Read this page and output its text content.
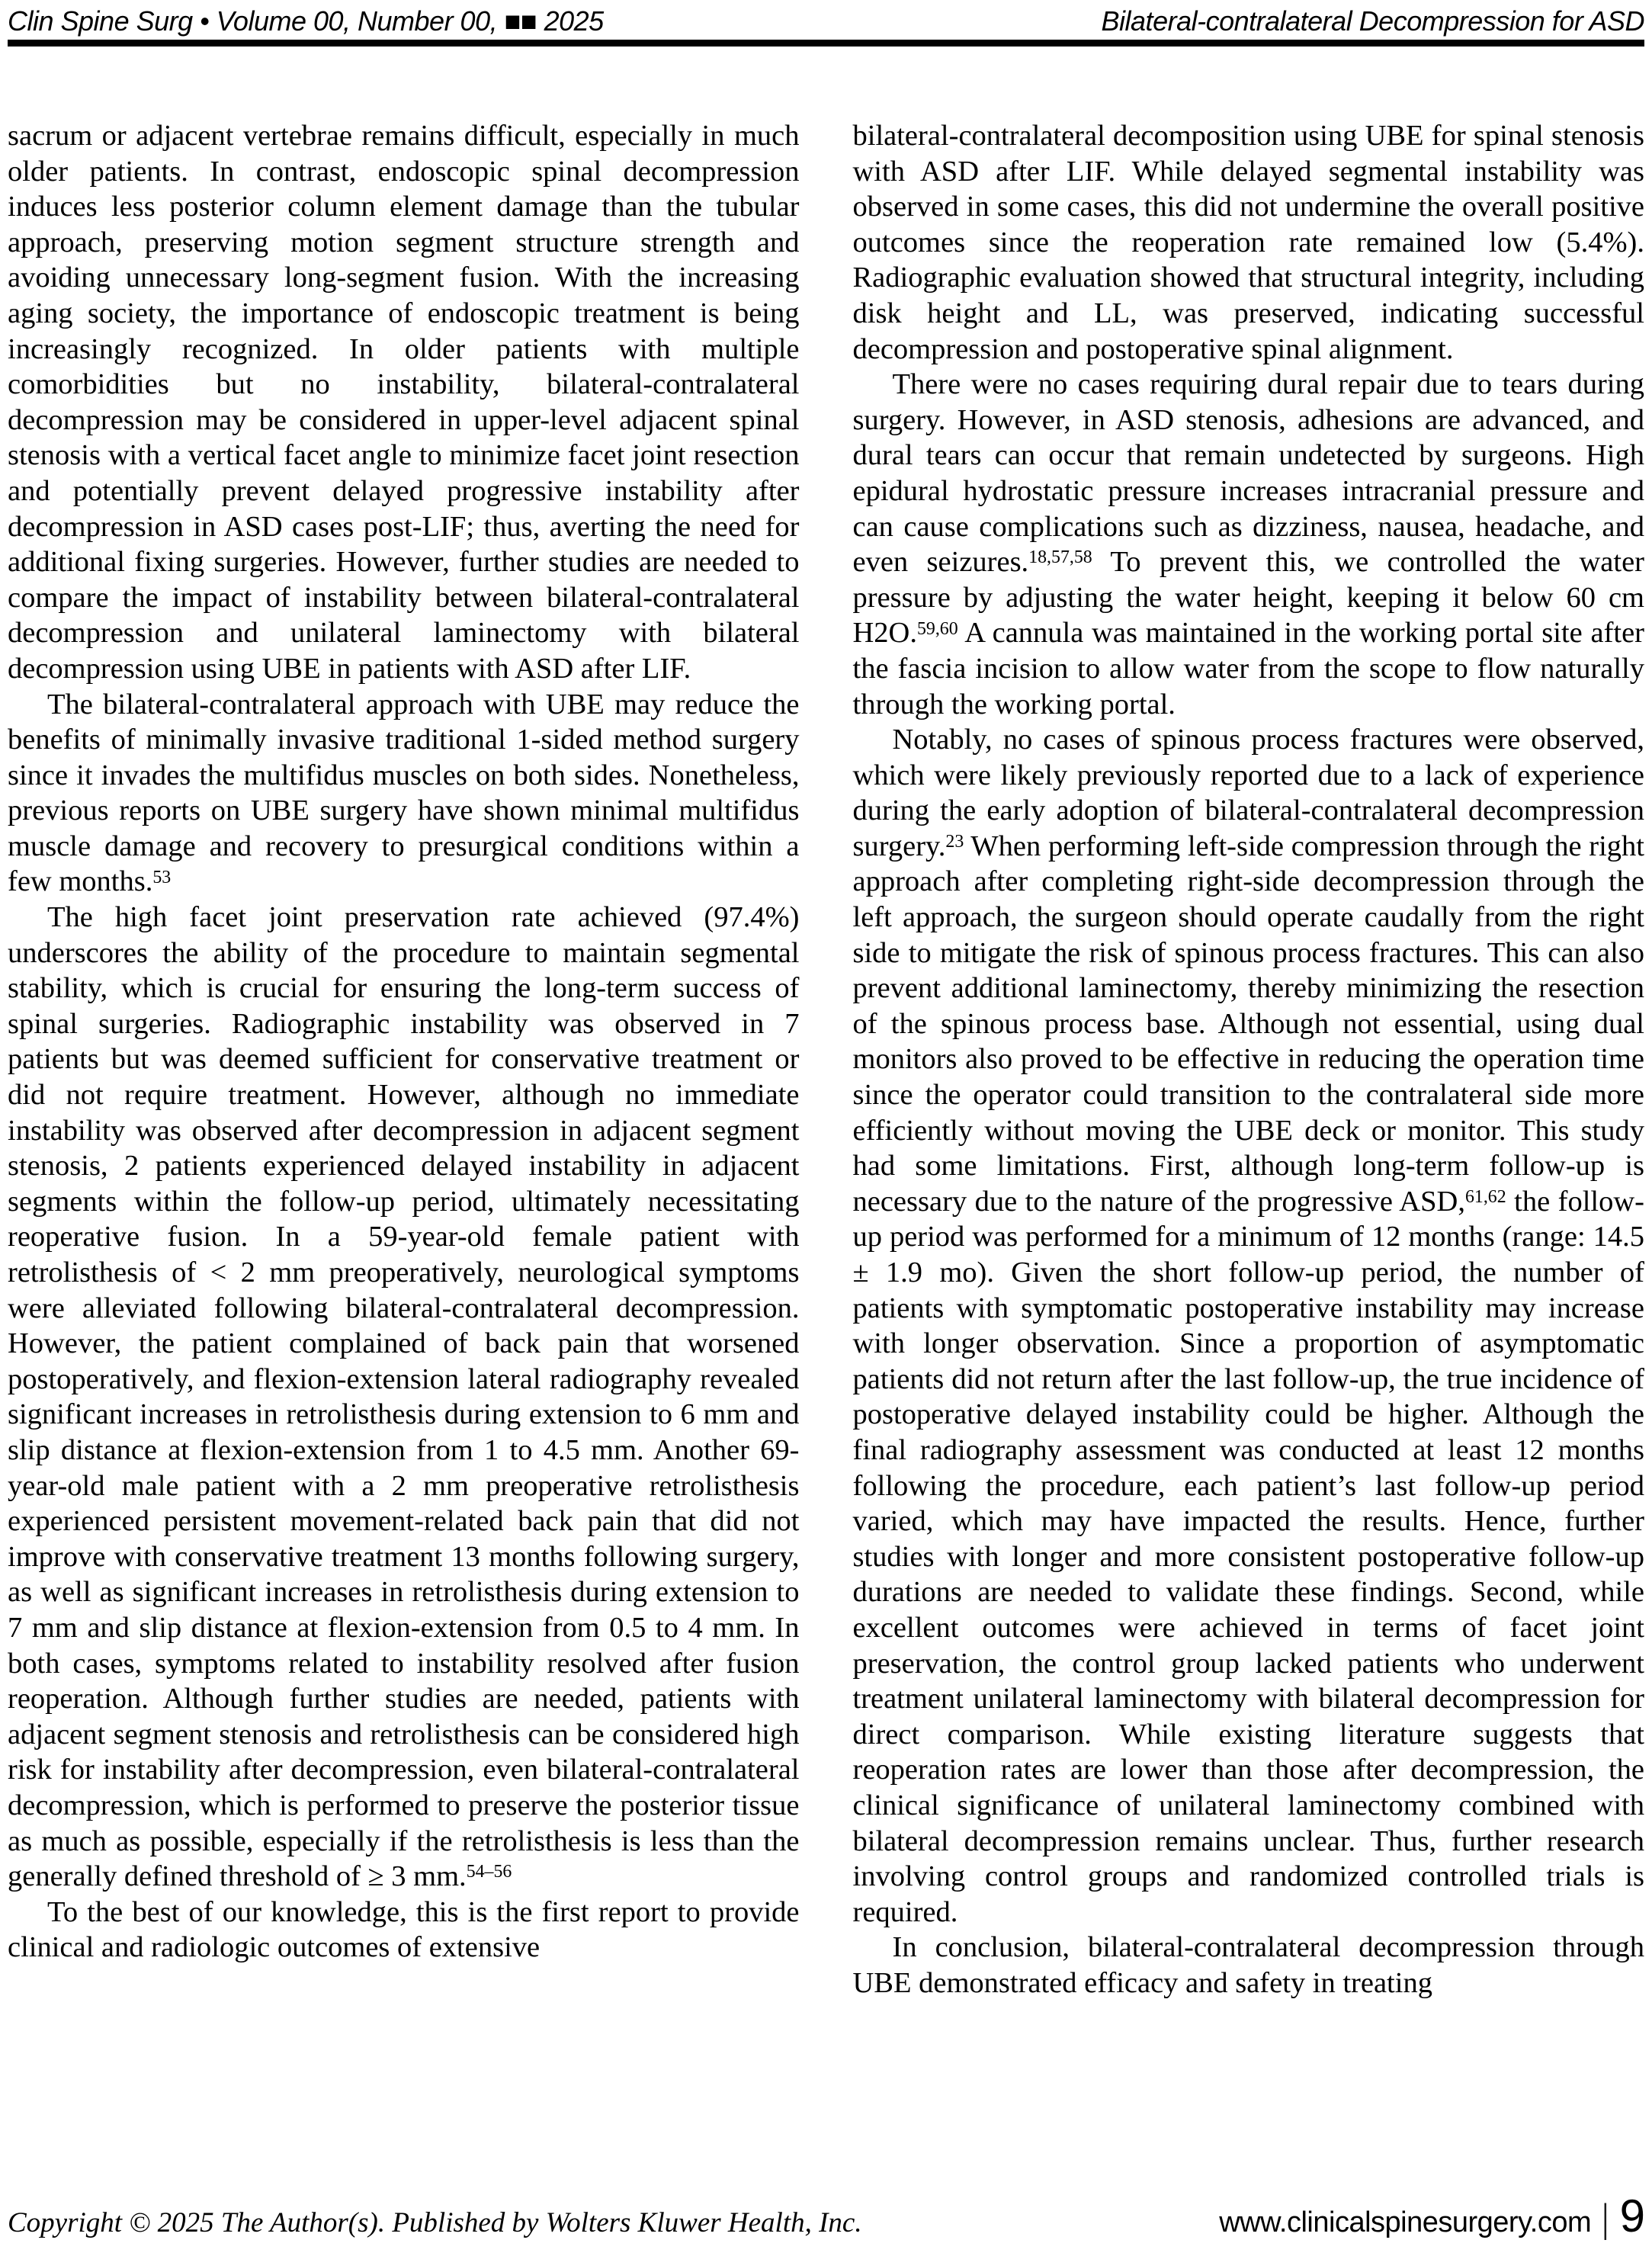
Clin Spine Surg • Volume 00, Number 00, ■■ 2025	Bilateral-contralateral Decompression for ASD

sacrum or adjacent vertebrae remains difficult, especially in much older patients. In contrast, endoscopic spinal decompression induces less posterior column element damage than the tubular approach, preserving motion segment structure strength and avoiding unnecessary long-segment fusion. With the increasing aging society, the importance of endoscopic treatment is being increasingly recognized. In older patients with multiple comorbidities but no instability, bilateral-contralateral decompression may be considered in upper-level adjacent spinal stenosis with a vertical facet angle to minimize facet joint resection and potentially prevent delayed progressive instability after decompression in ASD cases post-LIF; thus, averting the need for additional fixing surgeries. However, further studies are needed to compare the impact of instability between bilateral-contralateral decompression and unilateral laminectomy with bilateral decompression using UBE in patients with ASD after LIF.

The bilateral-contralateral approach with UBE may reduce the benefits of minimally invasive traditional 1-sided method surgery since it invades the multifidus muscles on both sides. Nonetheless, previous reports on UBE surgery have shown minimal multifidus muscle damage and recovery to presurgical conditions within a few months.$^{53}$

The high facet joint preservation rate achieved (97.4%) underscores the ability of the procedure to maintain segmental stability, which is crucial for ensuring the long-term success of spinal surgeries. Radiographic instability was observed in 7 patients but was deemed sufficient for conservative treatment or did not require treatment. However, although no immediate instability was observed after decompression in adjacent segment stenosis, 2 patients experienced delayed instability in adjacent segments within the follow-up period, ultimately necessitating reoperative fusion. In a 59-year-old female patient with retrolisthesis of < 2 mm preoperatively, neurological symptoms were alleviated following bilateral-contralateral decompression. However, the patient complained of back pain that worsened postoperatively, and flexion-extension lateral radiography revealed significant increases in retrolisthesis during extension to 6 mm and slip distance at flexion-extension from 1 to 4.5 mm. Another 69-year-old male patient with a 2 mm preoperative retrolisthesis experienced persistent movement-related back pain that did not improve with conservative treatment 13 months following surgery, as well as significant increases in retrolisthesis during extension to 7 mm and slip distance at flexion-extension from 0.5 to 4 mm. In both cases, symptoms related to instability resolved after fusion reoperation. Although further studies are needed, patients with adjacent segment stenosis and retrolisthesis can be considered high risk for instability after decompression, even bilateral-contralateral decompression, which is performed to preserve the posterior tissue as much as possible, especially if the retrolisthesis is less than the generally defined threshold of ≥ 3 mm.$^{54-56}$

To the best of our knowledge, this is the first report to provide clinical and radiologic outcomes of extensive

bilateral-contralateral decomposition using UBE for spinal stenosis with ASD after LIF. While delayed segmental instability was observed in some cases, this did not undermine the overall positive outcomes since the reoperation rate remained low (5.4%). Radiographic evaluation showed that structural integrity, including disk height and LL, was preserved, indicating successful decompression and postoperative spinal alignment.

There were no cases requiring dural repair due to tears during surgery. However, in ASD stenosis, adhesions are advanced, and dural tears can occur that remain undetected by surgeons. High epidural hydrostatic pressure increases intracranial pressure and can cause complications such as dizziness, nausea, headache, and even seizures.$^{18,57,58}$ To prevent this, we controlled the water pressure by adjusting the water height, keeping it below 60 cm H2O.$^{59,60}$ A cannula was maintained in the working portal site after the fascia incision to allow water from the scope to flow naturally through the working portal.

Notably, no cases of spinous process fractures were observed, which were likely previously reported due to a lack of experience during the early adoption of bilateral-contralateral decompression surgery.$^{23}$ When performing left-side compression through the right approach after completing right-side decompression through the left approach, the surgeon should operate caudally from the right side to mitigate the risk of spinous process fractures. This can also prevent additional laminectomy, thereby minimizing the resection of the spinous process base. Although not essential, using dual monitors also proved to be effective in reducing the operation time since the operator could transition to the contralateral side more efficiently without moving the UBE deck or monitor. This study had some limitations. First, although long-term follow-up is necessary due to the nature of the progressive ASD,$^{61,62}$ the follow-up period was performed for a minimum of 12 months (range: 14.5 ± 1.9 mo). Given the short follow-up period, the number of patients with symptomatic postoperative instability may increase with longer observation. Since a proportion of asymptomatic patients did not return after the last follow-up, the true incidence of postoperative delayed instability could be higher. Although the final radiography assessment was conducted at least 12 months following the procedure, each patient’s last follow-up period varied, which may have impacted the results. Hence, further studies with longer and more consistent postoperative follow-up durations are needed to validate these findings. Second, while excellent outcomes were achieved in terms of facet joint preservation, the control group lacked patients who underwent treatment unilateral laminectomy with bilateral decompression for direct comparison. While existing literature suggests that reoperation rates are lower than those after decompression, the clinical significance of unilateral laminectomy combined with bilateral decompression remains unclear. Thus, further research involving control groups and randomized controlled trials is required.

In conclusion, bilateral-contralateral decompression through UBE demonstrated efficacy and safety in treating

Copyright © 2025 The Author(s). Published by Wolters Kluwer Health, Inc.	www.clinicalspinesurgery.com | 9
